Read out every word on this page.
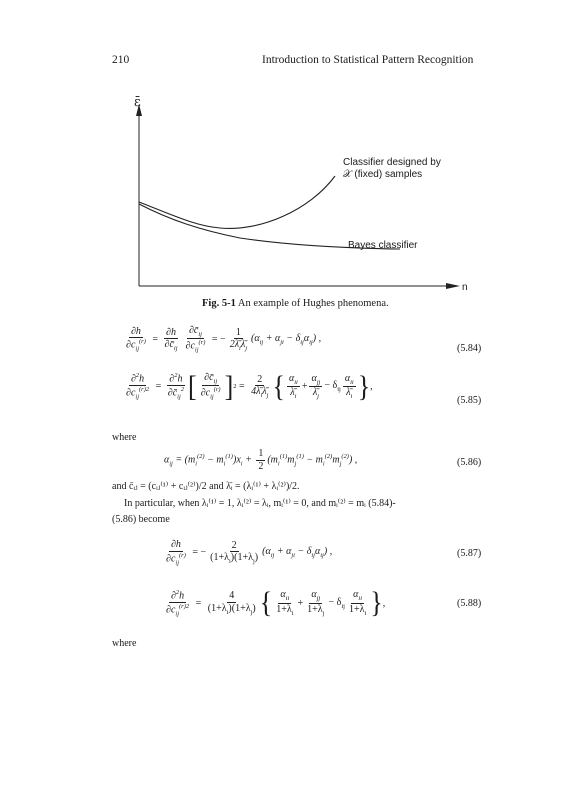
210	Introduction to Statistical Pattern Recognition
ε̄
n
Classifier designed by
𝒳 (fixed) samples
Bayes classifier
Fig. 5-1 An example of Hughes phenomena.
$\frac{\partial h}{\partial c_{ij}^{(r)}} = \frac{\partial h}{\partial c̄_{ij}} \frac{\partial c̄_{ij}}{\partial c_{ij}^{(r)}}$ = − $\frac{1}{2\lambdā_i\lambdā_j} (\alpha_{ij} + \alpha_{ji} - \delta_{ij}\alpha_{ij})$ ,
(5.84)
$\frac{\partial^2h}{\partial c_{ij}^{(r)2}} = \frac{\partial^2h}{\partial c̄_{ij}^2}$ [ $\frac{\partial c̄_{ij}}{\partial c_{ij}^{(r)}}$ ] $2 = \frac{2}{4\lambdā_i\lambdā_j}$ { $\frac{\alpha_{ii}}{\lambdā_i} + \frac{\alpha_{jj}}{\lambdā_j} - \delta_{ij} \frac{\alpha_{ii}}{\lambdā_i}$ } ,
(5.85)
where
$\alpha_{ij} = (m_i^{(2)} - m_i^{(1)})x_i + \frac{1}{2} (m_i^{(1)}m_j^{(1)} - m_i^{(2)}m_j^{(2)})$ ,	(5.86)
and c̄ᵢⱼ = (cᵢⱼ⁽¹⁾ + cᵢⱼ⁽²⁾)/2 and λ̄ᵢ = (λᵢ⁽¹⁾ + λᵢ⁽²⁾)/2.
In particular, when λᵢ⁽¹⁾ = 1, λᵢ⁽²⁾ = λᵢ, mᵢ⁽¹⁾ = 0, and mᵢ⁽²⁾ = mᵢ (5.84)-
(5.86) become
$\frac{\partial h}{\partial c_{ij}^{(r)}}$ = − $\frac{2}{(1+\lambda_i)(1+\lambda_j)} (\alpha_{ij} + \alpha_{ji} - \delta_{ij}\alpha_{ij})$ ,	(5.87)
$\frac{\partial^2h}{\partial c_{ij}^{(r)2}} = \frac{4}{(1+\lambda_i)(1+\lambda_j)}$ { $\frac{\alpha_{ii}}{1+\lambda_i} + \frac{\alpha_{jj}}{1+\lambda_j} - \delta_{ij} \frac{\alpha_{ii}}{1+\lambda_i}$ } ,	(5.88)
where
